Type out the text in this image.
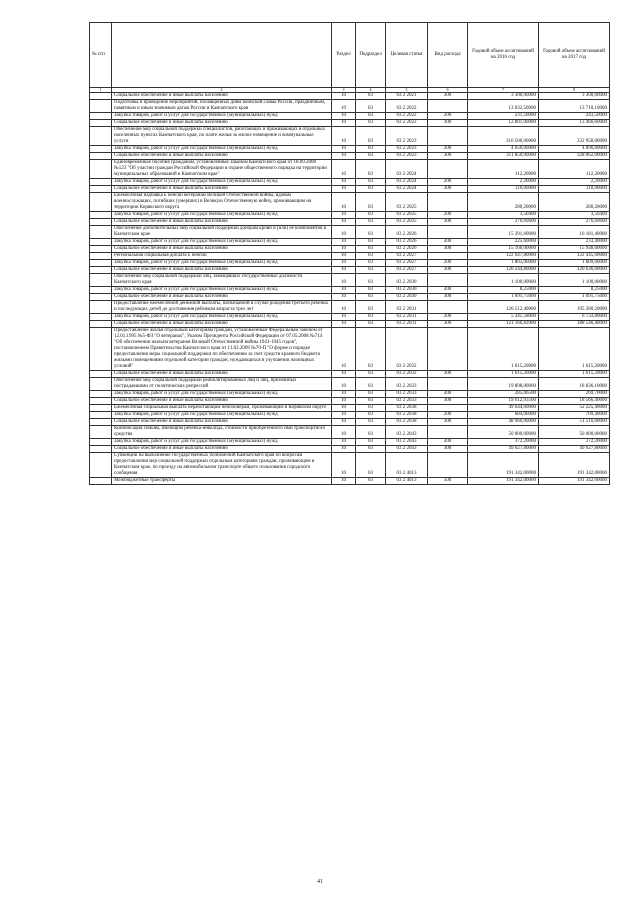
№ п/п		Раздел	Подраздел	Целевая статья	Вид расхода	Годовой объем ассигнований на 2016 год	Годовой объем ассигнований на 2017 год
1	2	3	4	5	6	7	8
	Социальное обеспечение и иные выплаты населению	10	03	03 2 2021	300	3 300,00000	3 300,00000
	Подготовка и проведение мероприятий, посвященных дням воинской славы России, праздничным, памятным и иным значимым датам России и Камчатского края	10	03	03 2 2022		13 032,50000	13 710,10000
	Закупка товаров, работ и услуг для государственных (муниципальных) нужд	10	03	03 2 2022	200	231,50000	243,50000
	Социальное обеспечение и иные выплаты населению	10	03	03 2 2022	300	12 801,00000	13 466,60000
	Обеспечение мер социальной поддержки специалистов, работающих и проживающих в отдельных населенных пунктах Камчатского края, по плате жилья за жилое помещение и коммунальные услуги	10	03	03 2 2023		316 500,00000	332 958,00000
	Закупка товаров, работ и услуг для государственных (муниципальных) нужд	10	03	03 2 2023	200	4 650,00000	4 896,00000
	Социальное обеспечение и иные выплаты населению	10	03	03 2 2023	300	311 850,00000	328 062,00000
	Единовременные пособия гражданам, установленные Законом Камчатского края от 18.09.2008 №123 "Об участии граждан Российской Федерации в охране общественного порядка на территории муниципальных образований в Камчатском крае"	10	03	03 2 2024		112,20000	112,20000
	Закупка товаров, работ и услуг для государственных (муниципальных) нужд	10	03	03 2 2024	200	2,20000	2,20000
	Социальное обеспечение и иные выплаты населению	10	03	03 2 2024	300	110,00000	110,00000
	Ежемесячная надбавка к пенсии ветеранам Великой Отечественной войны, вдовам военнослужащих, погибших (умерших) в Великую Отечественную войну, проживающим на территории Корякского округа	10	03	03 2 2025		280,20000	280,20000
	Закупка товаров, работ и услуг для государственных (муниципальных) нужд	10	03	03 2 2025	200	3,50400	3,50400
	Социальное обеспечение и иные выплаты населению	10	03	03 2 2025	300	276,69600	276,69600
	Обеспечение дополнительных мер социальной поддержки донорам крови и (или) ее компонентов в Камчатском крае	10	03	03 2 2026		15 391,60000	16 181,40000
	Закупка товаров, работ и услуг для государственных (муниципальных) нужд	10	03	03 2 2026	200	225,60000	233,40000
	Социальное обеспечение и иные выплаты населению	10	03	03 2 2026	300	15 166,00000	15 948,00000
	Региональная социальная доплата к пенсии	10	03	03 2 2027		122 047,80000	122 445,00000
	Закупка товаров, работ и услуг для государственных (муниципальных) нужд	10	03	03 2 2027	200	1 803,00000	1 809,00000
	Социальное обеспечение и иные выплаты населению	10	03	03 2 2027	300	120 244,80000	120 636,00000
	Обеспечение мер социальной поддержки лиц, замещавших государственные должности Камчатского края	10	03	03 2 2030		1 100,00000	1 100,00000
	Закупка товаров, работ и услуг для государственных (муниципальных) нужд	10	03	03 2 2030	200	8,25000	8,25000
	Социальное обеспечение и иные выплаты населению	10	03	03 2 2030	300	1 091,75000	1 091,75000
	Предоставление ежемесячной денежной выплаты, назначаемой в случае рождения третьего ребенка и последующих детей до достижения ребенком возраста трех лет	10	03	03 2 2031		126 512,40000	195 280,20000
	Закупка товаров, работ и услуг для государственных (муниципальных) нужд	10	03	03 2 2031	200	5 345,58000	6 733,80000
	Социальное обеспечение и иные выплаты населению	10	03	03 2 2031	300	121 166,82000	188 546,40000
	Предоставление жилья отдельным категориям граждан, установленным Федеральным законом от 12.01.1995 №5-ФЗ "О ветеранах", Указом Президента Российской Федерации от 07.05.2008 №714 "Об обеспечении жильем ветеранов Великой Отечественной войны 1941-1945 годов", постановлением Правительства Камчатского края от 11.02.2009 №70-П "О форме и порядке предоставления меры социальной поддержки по обеспечению за счет средств краевого бюджета жилыми помещениями отдельной категории граждан, нуждающихся в улучшении жилищных условий"	10	03	03 2 2032		1 615,20000	1 615,20000
	Социальное обеспечение и иные выплаты населению	10	03	03 2 2032	300	1 615,20000	1 615,20000
	Обеспечение мер социальной поддержки реабилитированных лиц и лиц, признанных пострадавшими от политических репрессий	10	03	03 2 2033		19 898,00000	18 836,10000
	Закупка товаров, работ и услуг для государственных (муниципальных) нужд	10	03	03 2 2033	200	285,06500	269,70000
	Социальное обеспечение и иные выплаты населению	10	03	03 2 2033	300	19 612,93500	18 566,40000
	Ежемесячная социальная выплата неработающим пенсионерам, проживающим в Корякском округе	10	03	03 2 2038		49 644,00000	52 225,40000
	Закупка товаров, работ и услуг для государственных (муниципальных) нужд	10	03	03 2 2038	200	684,00000	709,40000
	Социальное обеспечение и иные выплаты населению	10	03	03 2 2038	300	48 960,00000	51 516,00000
	Компенсация семьям, имеющим ребенка-инвалида, стоимости приобретенного ими транспортного средства	10	03	03 2 2043		50 000,00000	50 000,00000
	Закупка товаров, работ и услуг для государственных (муниципальных) нужд	10	03	03 2 2043	200	372,20000	372,20000
	Социальное обеспечение и иные выплаты населению	10	03	03 2 2043	300	49 627,80000	49 627,80000
	Субвенции на выполнение государственных полномочий Камчатского края по вопросам предоставления мер социальной поддержки отдельным категориям граждан, проживающим в Камчатском крае, по проезду на автомобильном транспорте общего пользования городского сообщения	10	03	03 2 4013		191 342,00000	191 342,00000
	Межбюджетные трансферты	10	03	03 2 4013	500	191 342,00000	191 342,00000
41
